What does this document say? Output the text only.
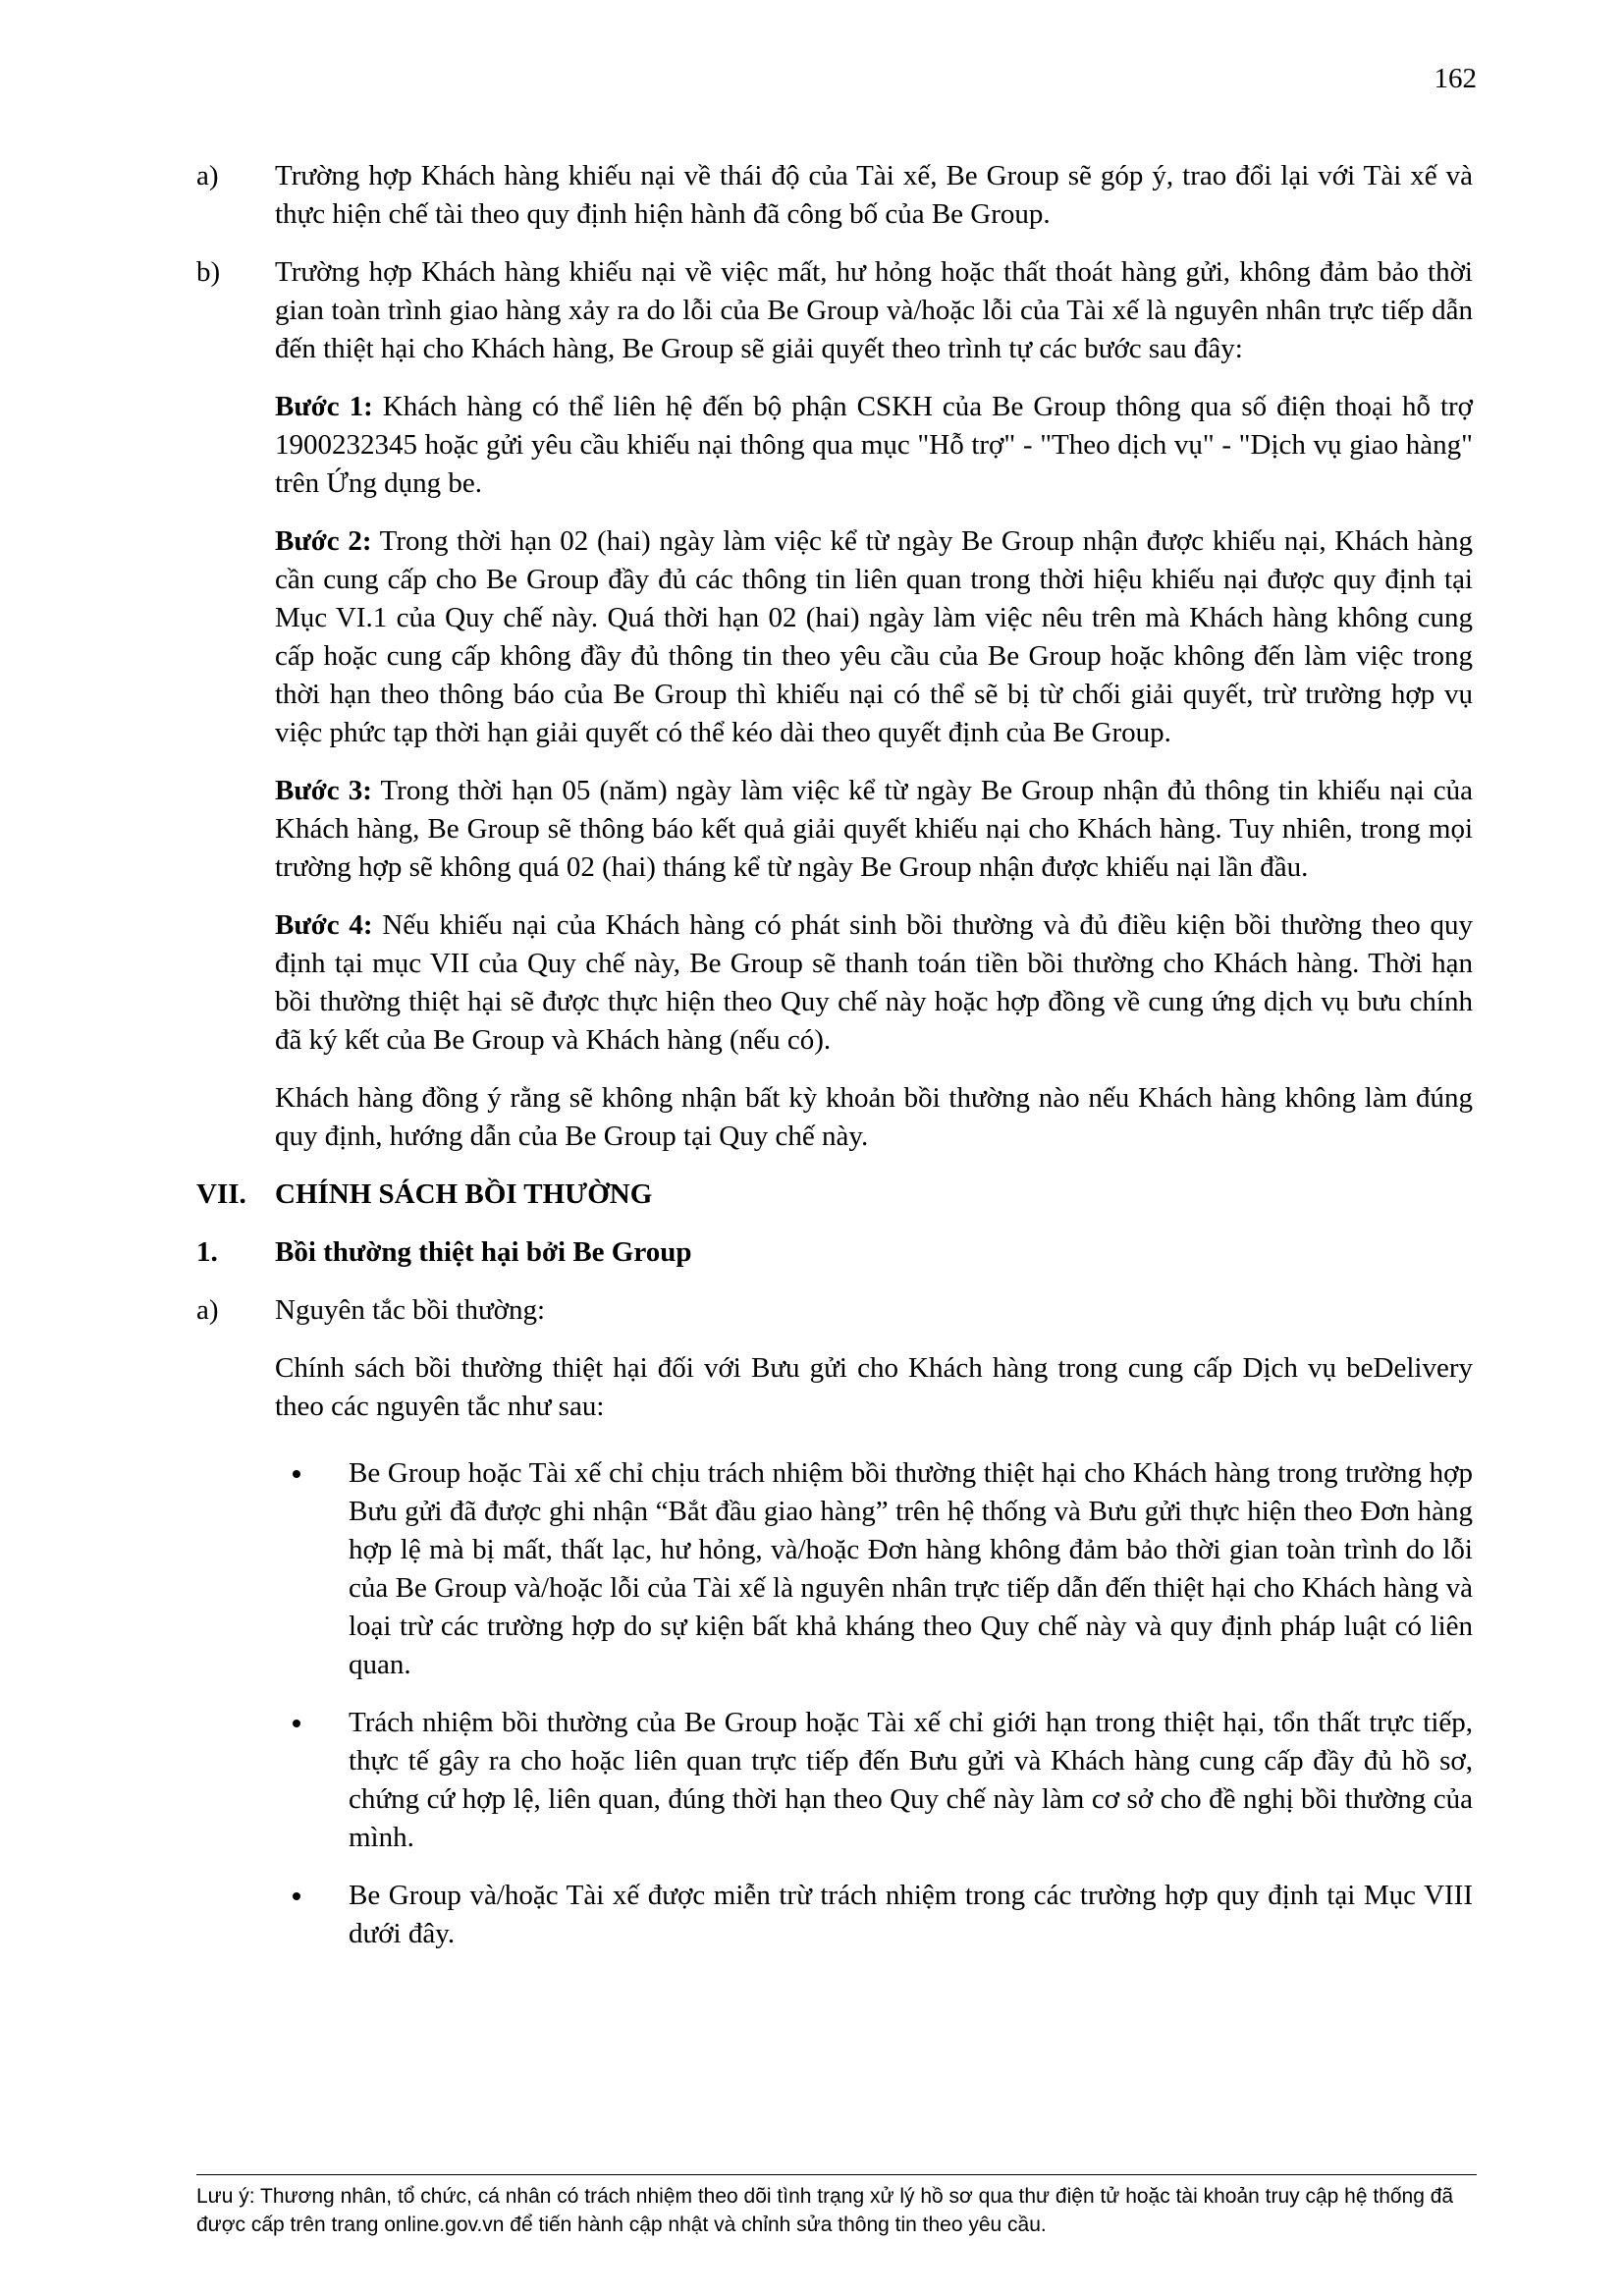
162
a)	Trường hợp Khách hàng khiếu nại về thái độ của Tài xế, Be Group sẽ góp ý, trao đổi lại với Tài xế và thực hiện chế tài theo quy định hiện hành đã công bố của Be Group.
b)	Trường hợp Khách hàng khiếu nại về việc mất, hư hỏng hoặc thất thoát hàng gửi, không đảm bảo thời gian toàn trình giao hàng xảy ra do lỗi của Be Group và/hoặc lỗi của Tài xế là nguyên nhân trực tiếp dẫn đến thiệt hại cho Khách hàng, Be Group sẽ giải quyết theo trình tự các bước sau đây:
Bước 1: Khách hàng có thể liên hệ đến bộ phận CSKH của Be Group thông qua số điện thoại hỗ trợ 1900232345 hoặc gửi yêu cầu khiếu nại thông qua mục "Hỗ trợ" - "Theo dịch vụ" - "Dịch vụ giao hàng" trên Ứng dụng be.
Bước 2: Trong thời hạn 02 (hai) ngày làm việc kể từ ngày Be Group nhận được khiếu nại, Khách hàng cần cung cấp cho Be Group đầy đủ các thông tin liên quan trong thời hiệu khiếu nại được quy định tại Mục VI.1 của Quy chế này. Quá thời hạn 02 (hai) ngày làm việc nêu trên mà Khách hàng không cung cấp hoặc cung cấp không đầy đủ thông tin theo yêu cầu của Be Group hoặc không đến làm việc trong thời hạn theo thông báo của Be Group thì khiếu nại có thể sẽ bị từ chối giải quyết, trừ trường hợp vụ việc phức tạp thời hạn giải quyết có thể kéo dài theo quyết định của Be Group.
Bước 3: Trong thời hạn 05 (năm) ngày làm việc kể từ ngày Be Group nhận đủ thông tin khiếu nại của Khách hàng, Be Group sẽ thông báo kết quả giải quyết khiếu nại cho Khách hàng. Tuy nhiên, trong mọi trường hợp sẽ không quá 02 (hai) tháng kể từ ngày Be Group nhận được khiếu nại lần đầu.
Bước 4: Nếu khiếu nại của Khách hàng có phát sinh bồi thường và đủ điều kiện bồi thường theo quy định tại mục VII của Quy chế này, Be Group sẽ thanh toán tiền bồi thường cho Khách hàng. Thời hạn bồi thường thiệt hại sẽ được thực hiện theo Quy chế này hoặc hợp đồng về cung ứng dịch vụ bưu chính đã ký kết của Be Group và Khách hàng (nếu có).
Khách hàng đồng ý rằng sẽ không nhận bất kỳ khoản bồi thường nào nếu Khách hàng không làm đúng quy định, hướng dẫn của Be Group tại Quy chế này.
VII.	CHÍNH SÁCH BỒI THƯỜNG
1.	Bồi thường thiệt hại bởi Be Group
a)	Nguyên tắc bồi thường:
Chính sách bồi thường thiệt hại đối với Bưu gửi cho Khách hàng trong cung cấp Dịch vụ beDelivery theo các nguyên tắc như sau:
Be Group hoặc Tài xế chỉ chịu trách nhiệm bồi thường thiệt hại cho Khách hàng trong trường hợp Bưu gửi đã được ghi nhận “Bắt đầu giao hàng” trên hệ thống và Bưu gửi thực hiện theo Đơn hàng hợp lệ mà bị mất, thất lạc, hư hỏng, và/hoặc Đơn hàng không đảm bảo thời gian toàn trình do lỗi của Be Group và/hoặc lỗi của Tài xế là nguyên nhân trực tiếp dẫn đến thiệt hại cho Khách hàng và loại trừ các trường hợp do sự kiện bất khả kháng theo Quy chế này và quy định pháp luật có liên quan.
Trách nhiệm bồi thường của Be Group hoặc Tài xế chỉ giới hạn trong thiệt hại, tổn thất trực tiếp, thực tế gây ra cho hoặc liên quan trực tiếp đến Bưu gửi và Khách hàng cung cấp đầy đủ hồ sơ, chứng cứ hợp lệ, liên quan, đúng thời hạn theo Quy chế này làm cơ sở cho đề nghị bồi thường của mình.
Be Group và/hoặc Tài xế được miễn trừ trách nhiệm trong các trường hợp quy định tại Mục VIII dưới đây.
Lưu ý: Thương nhân, tổ chức, cá nhân có trách nhiệm theo dõi tình trạng xử lý hồ sơ qua thư điện tử hoặc tài khoản truy cập hệ thống đã được cấp trên trang online.gov.vn để tiến hành cập nhật và chỉnh sửa thông tin theo yêu cầu.
